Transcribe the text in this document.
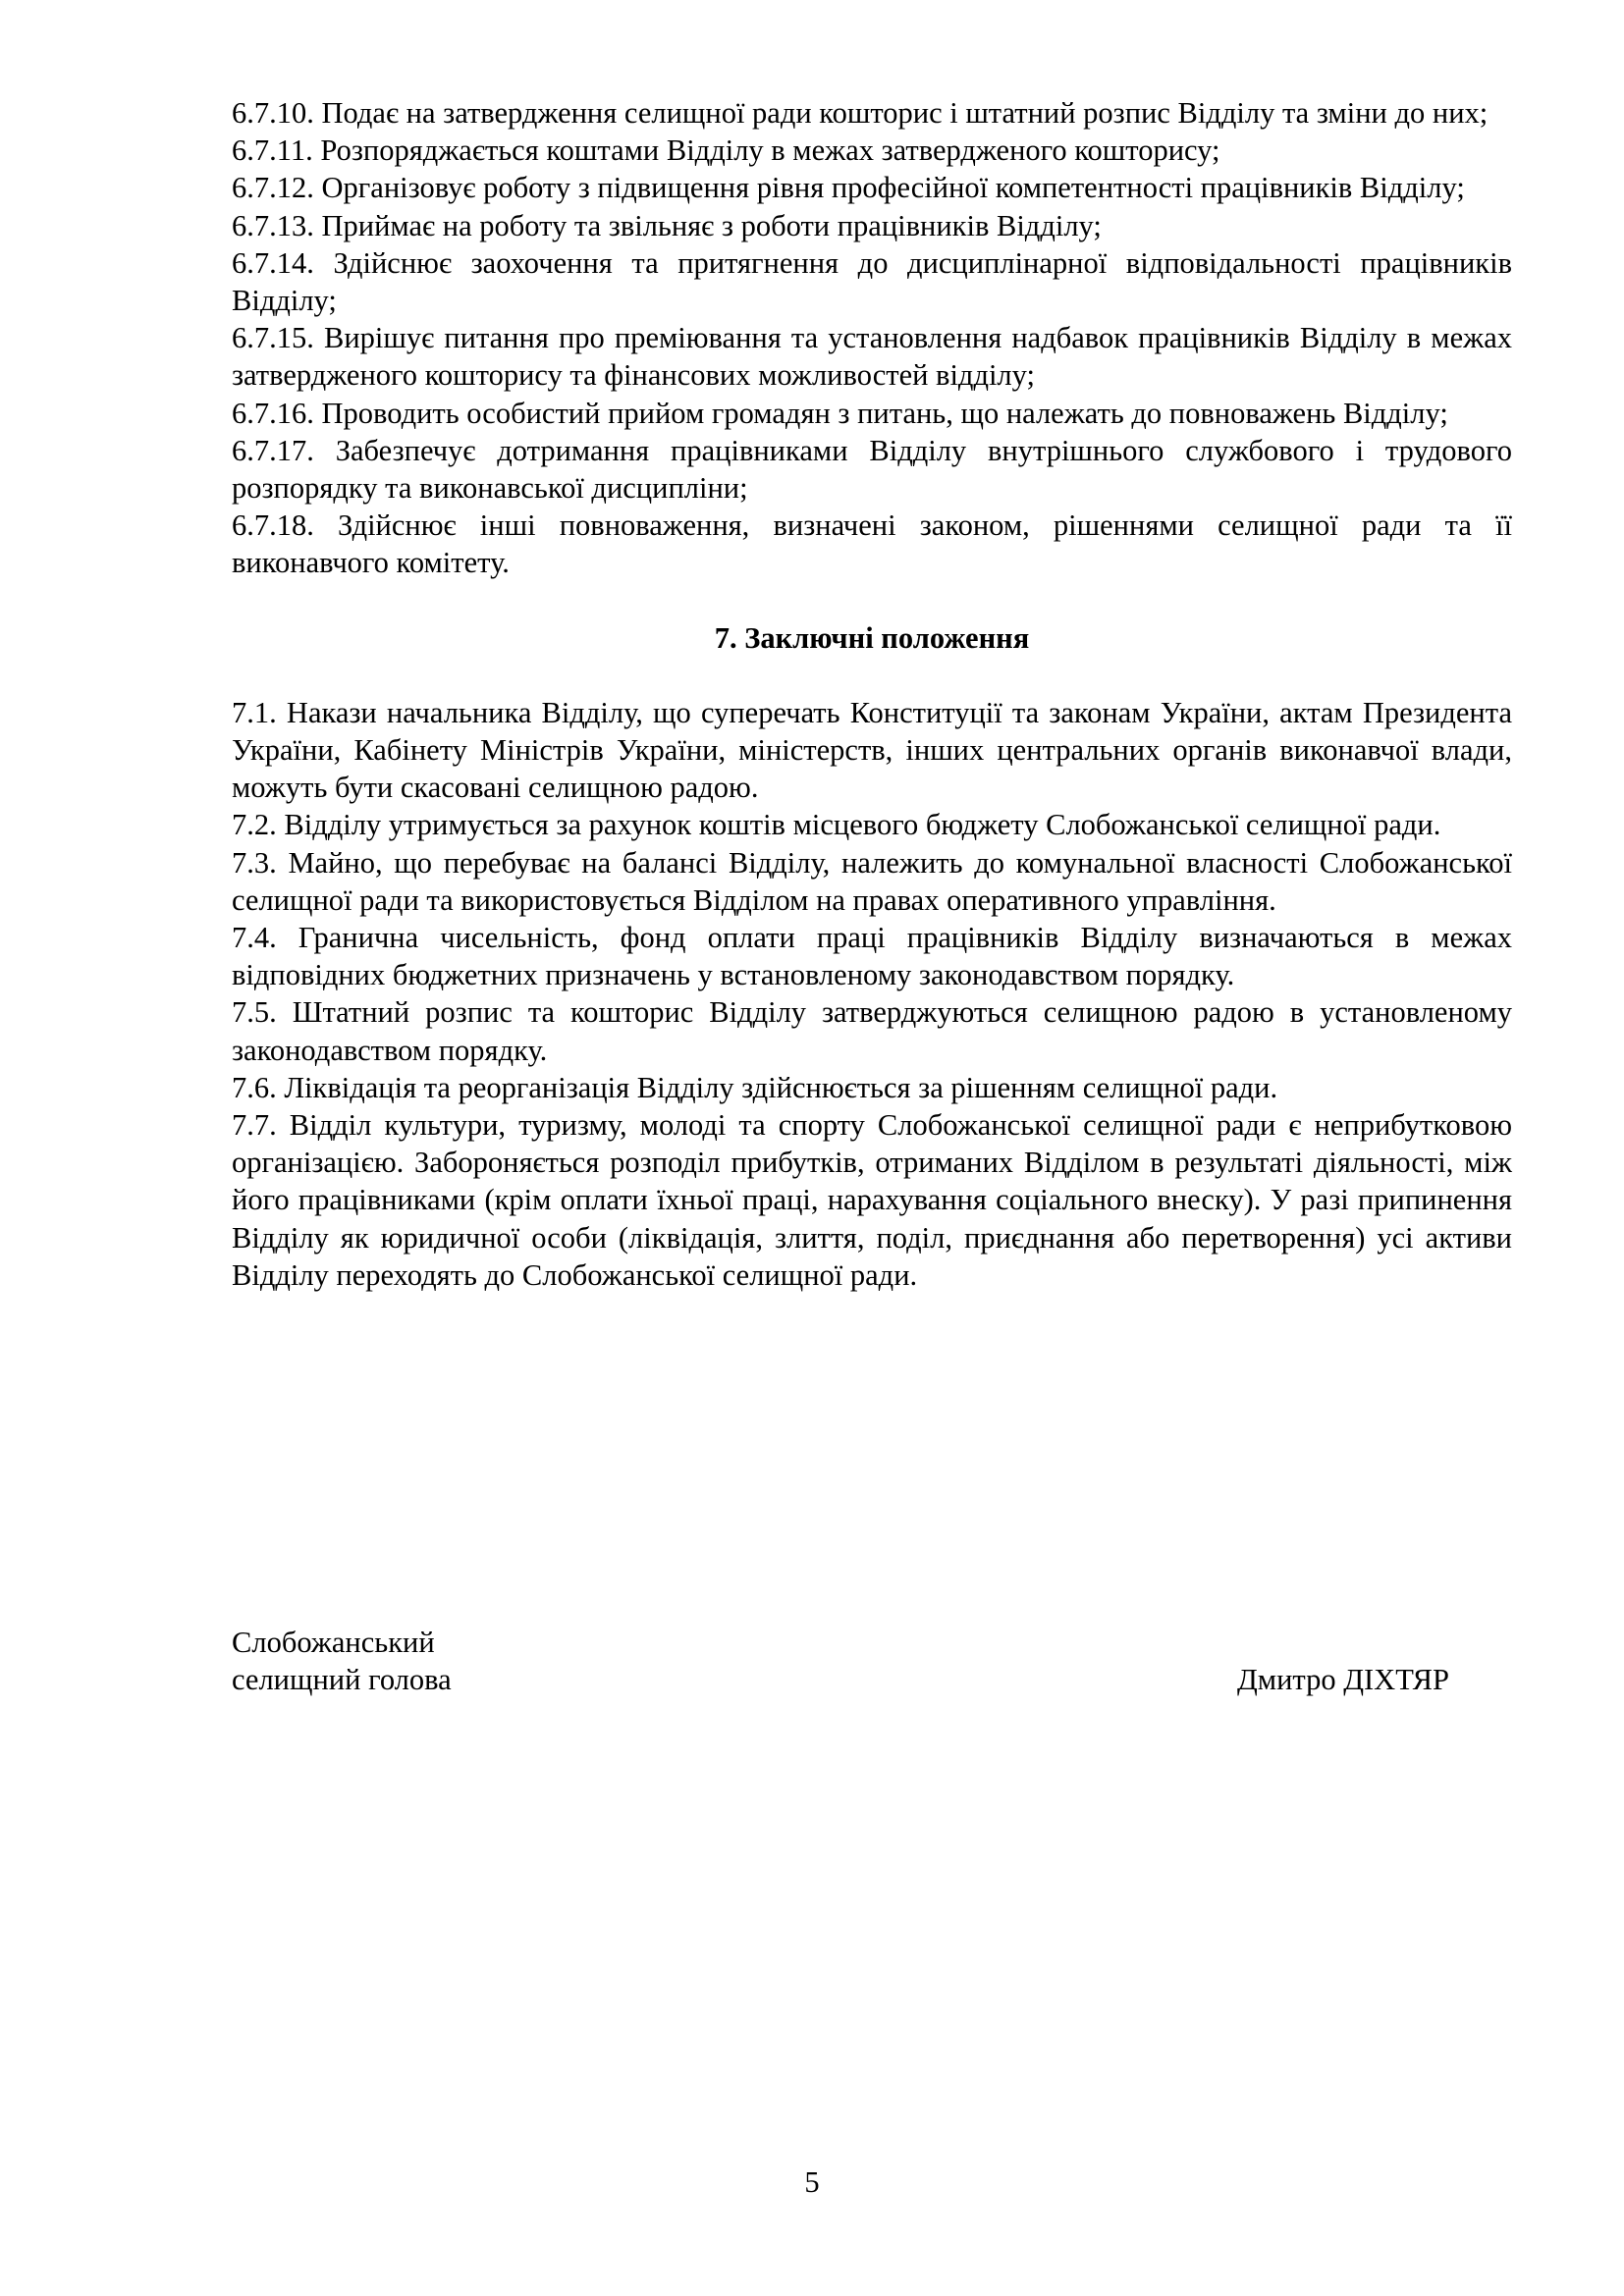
6.7.10. Подає на затвердження селищної ради кошторис і штатний розпис Відділу та зміни до них;

6.7.11. Розпоряджається коштами Відділу в межах затвердженого кошторису;

6.7.12. Організовує роботу з підвищення рівня професійної компетентності працівників Відділу;

6.7.13. Приймає на роботу та звільняє з роботи працівників Відділу;

6.7.14. Здійснює заохочення та притягнення до дисциплінарної відповідальності працівників Відділу;

6.7.15. Вирішує питання про преміювання та установлення надбавок працівників Відділу в межах затвердженого кошторису та фінансових можливостей відділу;

6.7.16. Проводить особистий прийом громадян з питань, що належать до повноважень Відділу;

6.7.17. Забезпечує дотримання працівниками Відділу внутрішнього службового і трудового розпорядку та виконавської дисципліни;

6.7.18. Здійснює інші повноваження, визначені законом, рішеннями селищної ради та її виконавчого комітету.

7. Заключні положення

7.1. Накази начальника Відділу, що суперечать Конституції та законам України, актам Президента України, Кабінету Міністрів України, міністерств, інших центральних органів виконавчої влади, можуть бути скасовані селищною радою.

7.2. Відділу утримується за рахунок коштів місцевого бюджету Слобожанської селищної ради.

7.3. Майно, що перебуває на балансі Відділу, належить до комунальної власності Слобожанської селищної ради та використовується Відділом на правах оперативного управління.

7.4. Гранична чисельність, фонд оплати праці працівників Відділу визначаються в межах відповідних бюджетних призначень у встановленому законодавством порядку.

7.5. Штатний розпис та кошторис Відділу затверджуються селищною радою в установленому законодавством порядку.

7.6. Ліквідація та реорганізація Відділу здійснюється за рішенням селищної ради.

7.7. Відділ культури, туризму, молоді та спорту Слобожанської селищної ради є неприбутковою організацією. Забороняється розподіл прибутків, отриманих Відділом в результаті діяльності, між його працівниками (крім оплати їхньої праці, нарахування соціального внеску). У разі припинення Відділу як юридичної особи (ліквідація, злиття, поділ, приєднання або перетворення) усі активи Відділу переходять до Слобожанської селищної ради.

Слобожанський
селищний голова	Дмитро ДІХТЯР
5
